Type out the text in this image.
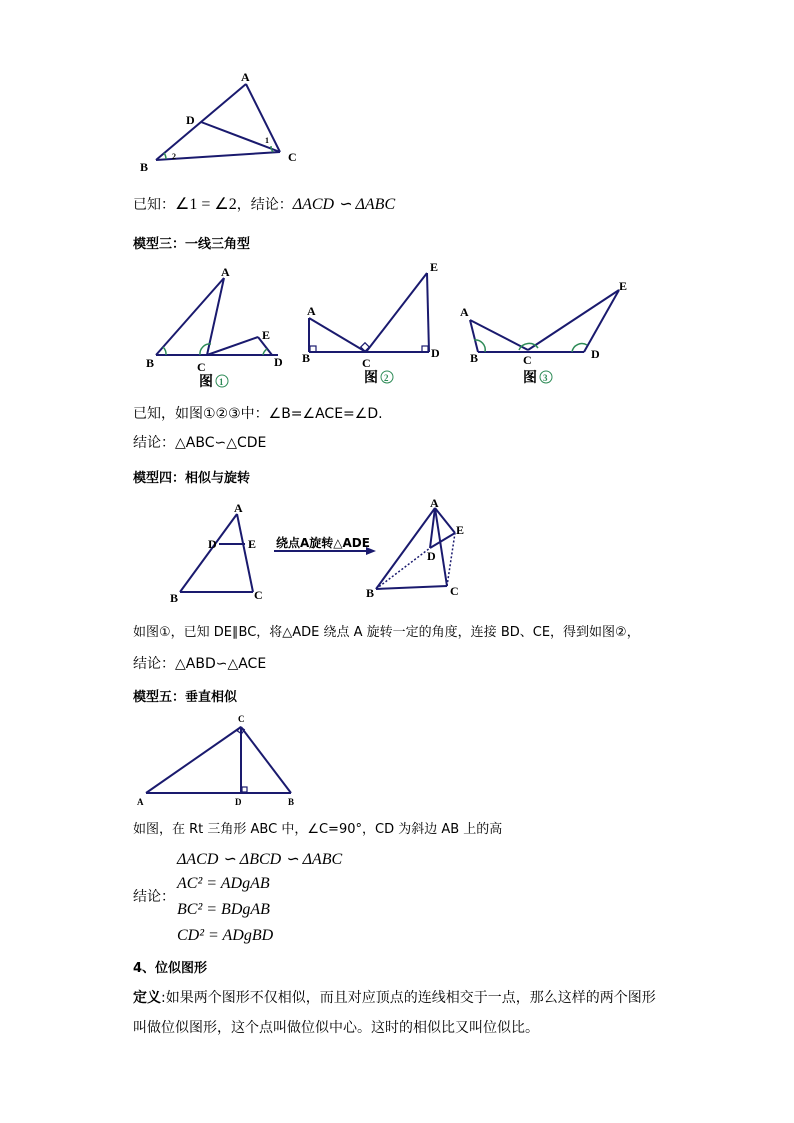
A
D
B
C
1
2
已知：∠1 = ∠2，结论：ΔACD ∽ ΔABC
模型三：一线三角型
A
B	C
E
D
A
B	C
E
D
A
B	C
E
D
图 1	图 2	图 3
已知，如图①②③中：∠B=∠ACE=∠D.
结论：△ABC∽△CDE
模型四：相似与旋转
A
D	E
B	C
A
E
D
B	C
绕点A旋转△ADE
如图①，已知 DE∥BC，将△ADE 绕点 A 旋转一定的角度，连接 BD、CE，得到如图②，
结论：△ABD∽△ACE
模型五：垂直相似
C
A	D	B
如图，在 Rt 三角形 ABC 中，∠C=90°，CD 为斜边 AB 上的高
ΔACD ∽ ΔBCD ∽ ΔABC
结论：
AC² = ADgAB
BC² = BDgAB
CD² = ADgBD
4、位似图形
定义:如果两个图形不仅相似，而且对应顶点的连线相交于一点，那么这样的两个图形
叫做位似图形，这个点叫做位似中心。这时的相似比又叫位似比。
